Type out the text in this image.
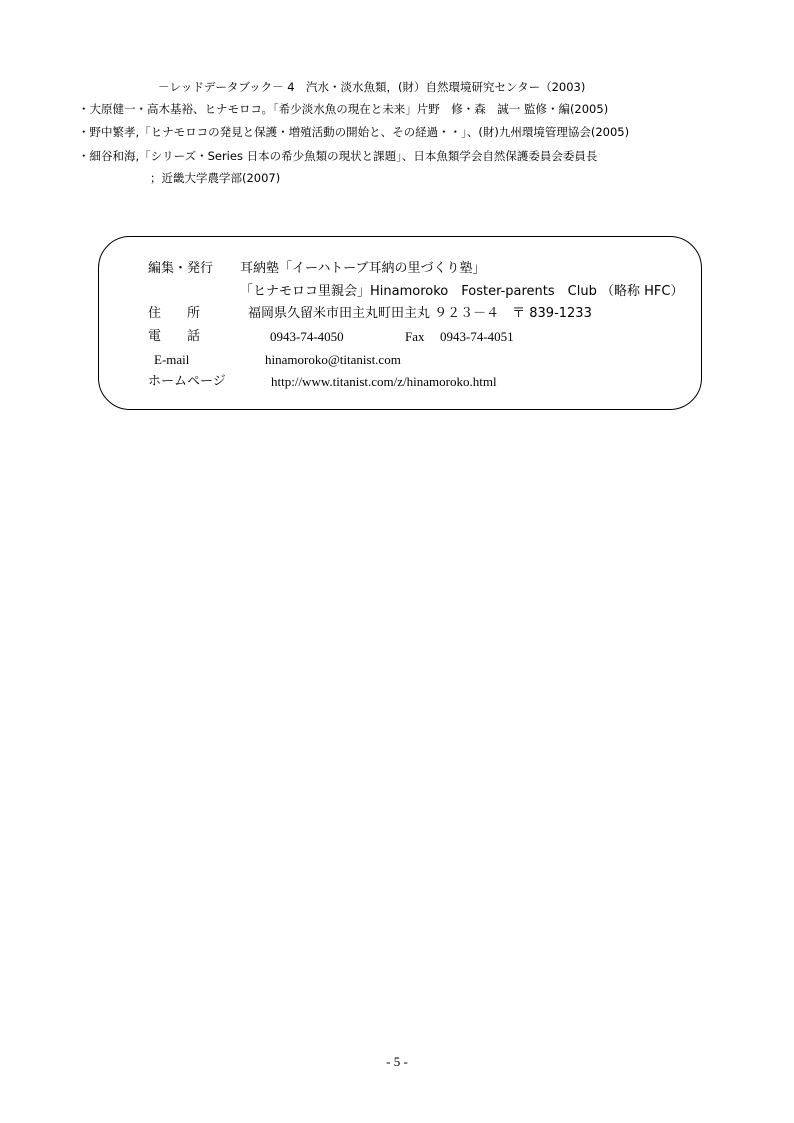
－レッドデータブック－ 4　汽水・淡水魚類，(財）自然環境研究センター（2003)
・大原健一・高木基裕、ヒナモロコ。「希少淡水魚の現在と未来」片野　修・森　誠一 監修・編(2005)
・野中繁孝,「ヒナモロコの発見と保護・増殖活動の開始と、その経過・・」、(財)九州環境管理協会(2005)
・細谷和海,「シリーズ・Series 日本の希少魚類の現状と課題」、日本魚類学会自然保護委員会委員長
；近畿大学農学部(2007)
編集・発行 耳納塾「イーハトーブ耳納の里づくり塾」
「ヒナモロコ里親会」Hinamoroko　Foster-parents　Club （略称 HFC）
住　　所	福岡県久留米市田主丸町田主丸 ９２３－４　〒 839-1233
電　　話	0943-74-4050	Fax 0943-74-4051
E-mail	hinamoroko@titanist.com
ホームページ	http://www.titanist.com/z/hinamoroko.html
- 5 -
